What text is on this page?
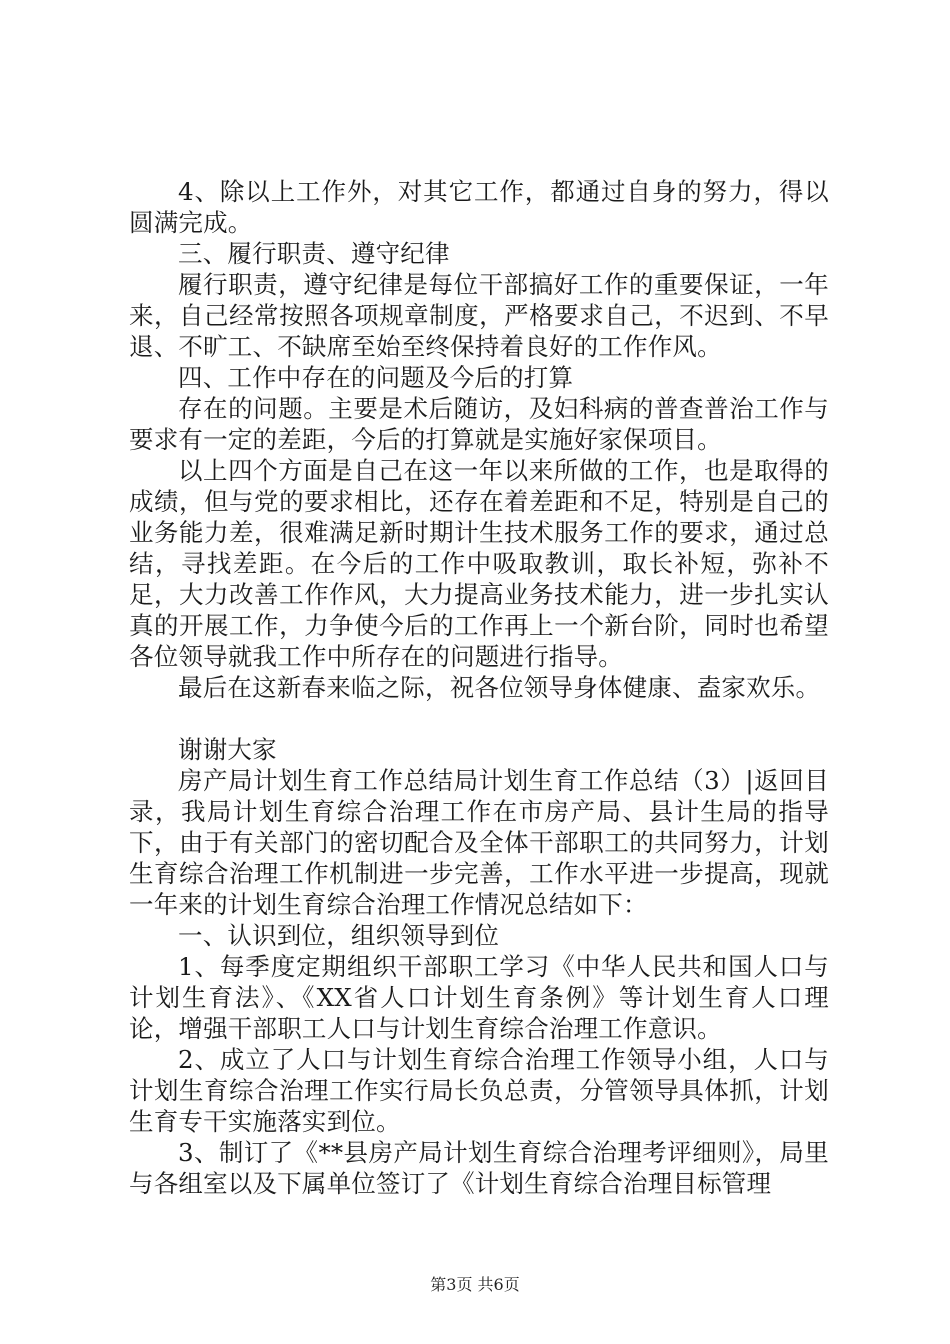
4、除以上工作外，对其它工作，都通过自身的努力，得以圆满完成。

三、履行职责、遵守纪律

履行职责，遵守纪律是每位干部搞好工作的重要保证，一年来，自己经常按照各项规章制度，严格要求自己，不迟到、不早退、不旷工、不缺席至始至终保持着良好的工作作风。

四、工作中存在的问题及今后的打算

存在的问题。主要是术后随访，及妇科病的普查普治工作与要求有一定的差距，今后的打算就是实施好家保项目。

以上四个方面是自己在这一年以来所做的工作，也是取得的成绩，但与党的要求相比，还存在着差距和不足，特别是自己的业务能力差，很难满足新时期计生技术服务工作的要求，通过总结，寻找差距。在今后的工作中吸取教训，取长补短，弥补不足，大力改善工作作风，大力提高业务技术能力，进一步扎实认真的开展工作，力争使今后的工作再上一个新台阶，同时也希望各位领导就我工作中所存在的问题进行指导。

最后在这新春来临之际，祝各位领导身体健康、盍家欢乐。

谢谢大家

房产局计划生育工作总结局计划生育工作总结（3）|返回目录，我局计划生育综合治理工作在市房产局、县计生局的指导下，由于有关部门的密切配合及全体干部职工的共同努力，计划生育综合治理工作机制进一步完善，工作水平进一步提高，现就一年来的计划生育综合治理工作情况总结如下：

一、认识到位，组织领导到位

1、每季度定期组织干部职工学习《中华人民共和国人口与计划生育法》、《XX省人口计划生育条例》等计划生育人口理论，增强干部职工人口与计划生育综合治理工作意识。

2、成立了人口与计划生育综合治理工作领导小组，人口与计划生育综合治理工作实行局长负总责，分管领导具体抓，计划生育专干实施落实到位。

3、制订了《**县房产局计划生育综合治理考评细则》，局里与各组室以及下属单位签订了《计划生育综合治理目标管理

第3页 共6页
